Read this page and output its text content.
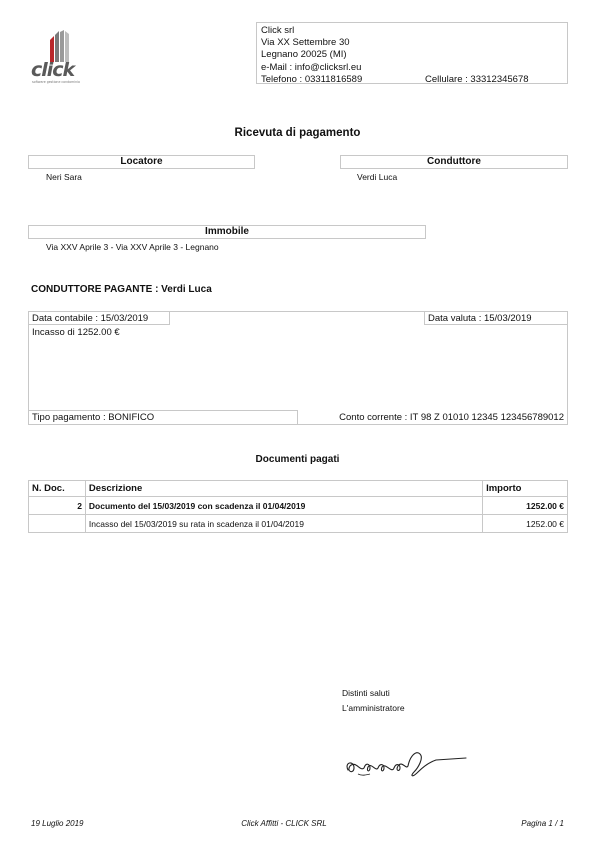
click
software gestione condominio
Click srl
Via XX Settembre 30
Legnano 20025 (MI)
e-Mail : info@clicksrl.eu
Telefono : 03311816589	Cellulare : 33312345678
Ricevuta di pagamento
Locatore
Neri Sara
Conduttore
Verdi Luca
Immobile
Via XXV Aprile 3 - Via XXV Aprile 3 - Legnano
CONDUTTORE PAGANTE : Verdi Luca
Data contabile : 15/03/2019	Data valuta : 15/03/2019
Incasso di 1252.00 €
Tipo pagamento : BONIFICO	Conto corrente : IT 98 Z 01010 12345 123456789012
Documenti pagati
N. Doc.	Descrizione	Importo
2	Documento del 15/03/2019 con scadenza il 01/04/2019	1252.00 €
	Incasso del 15/03/2019 su rata in scadenza il 01/04/2019	1252.00 €
Distinti saluti
L'amministratore
19 Luglio 2019	Click Affitti - CLICK SRL	Pagina 1 / 1
